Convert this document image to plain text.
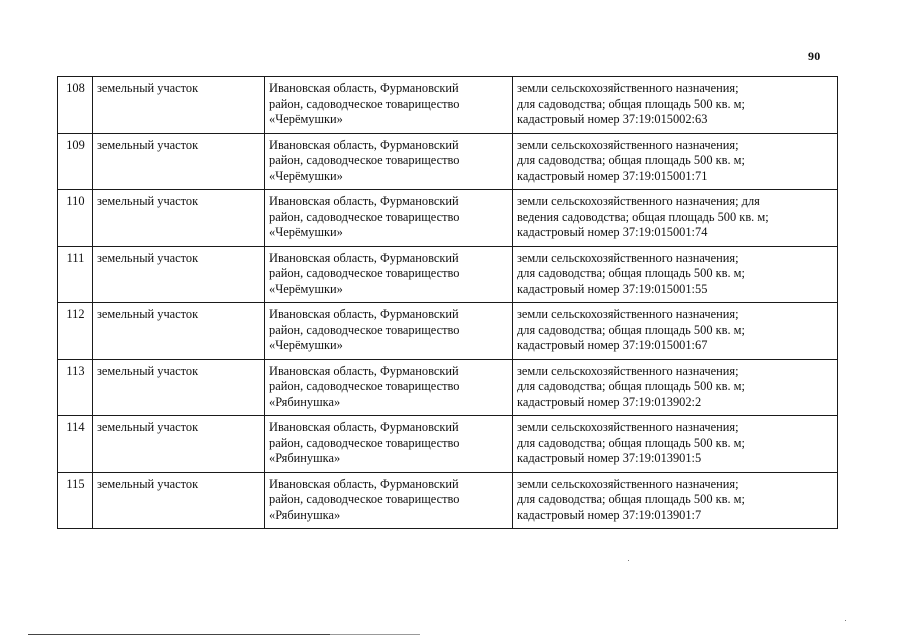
90
108	земельный участок	Ивановская область, Фурмановский
район, садоводческое товарищество
«Черёмушки»	земли сельскохозяйственного назначения;
для садоводства; общая площадь 500 кв. м;
кадастровый номер 37:19:015002:63

109	земельный участок	Ивановская область, Фурмановский
район, садоводческое товарищество
«Черёмушки»	земли сельскохозяйственного назначения;
для садоводства; общая площадь 500 кв. м;
кадастровый номер 37:19:015001:71

110	земельный участок	Ивановская область, Фурмановский
район, садоводческое товарищество
«Черёмушки»	земли сельскохозяйственного назначения; для
ведения садоводства; общая площадь 500 кв. м;
кадастровый номер 37:19:015001:74

111	земельный участок	Ивановская область, Фурмановский
район, садоводческое товарищество
«Черёмушки»	земли сельскохозяйственного назначения;
для садоводства; общая площадь 500 кв. м;
кадастровый номер 37:19:015001:55

112	земельный участок	Ивановская область, Фурмановский
район, садоводческое товарищество
«Черёмушки»	земли сельскохозяйственного назначения;
для садоводства; общая площадь 500 кв. м;
кадастровый номер 37:19:015001:67

113	земельный участок	Ивановская область, Фурмановский
район, садоводческое товарищество
«Рябинушка»	земли сельскохозяйственного назначения;
для садоводства; общая площадь 500 кв. м;
кадастровый номер 37:19:013902:2

114	земельный участок	Ивановская область, Фурмановский
район, садоводческое товарищество
«Рябинушка»	земли сельскохозяйственного назначения;
для садоводства; общая площадь 500 кв. м;
кадастровый номер 37:19:013901:5

115	земельный участок	Ивановская область, Фурмановский
район, садоводческое товарищество
«Рябинушка»	земли сельскохозяйственного назначения;
для садоводства; общая площадь 500 кв. м;
кадастровый номер 37:19:013901:7
